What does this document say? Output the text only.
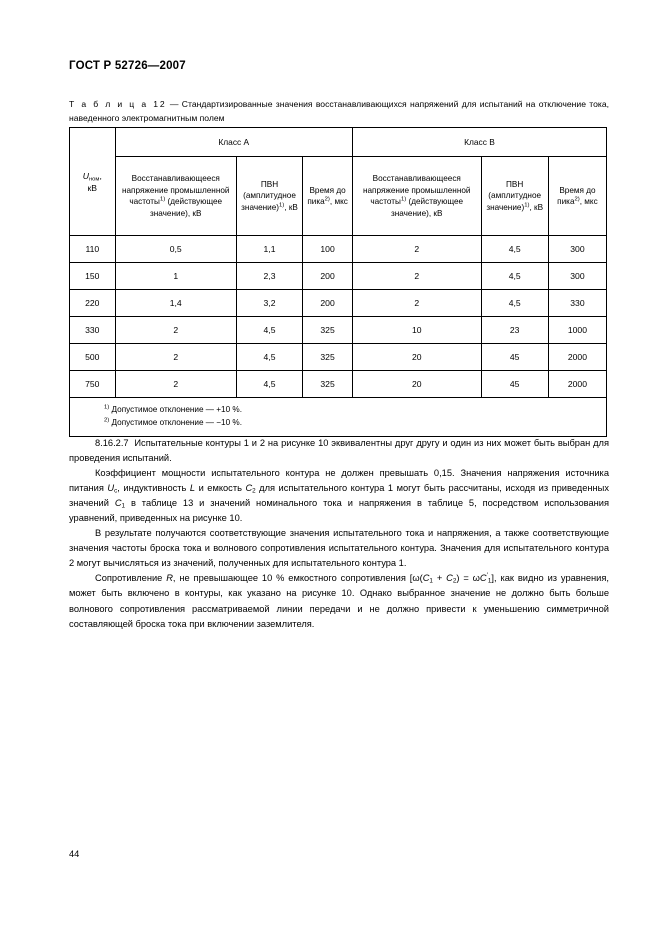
ГОСТ Р 52726—2007
Т а б л и ц а 12 — Стандартизированные значения восстанавливающихся напряжений для испытаний на отключение тока, наведенного электромагнитным полем
$U_{ном}$,
кВ	Класс А			Класс В		
	Восстанавливающееся напряжение промышленной частоты$^{1)}$ (действующее значение), кВ	ПВН (амплитудное значение)$^{1)}$, кВ	Время до пика$^{2)}$, мкс	Восстанавливающееся напряжение промышленной частоты$^{1)}$ (действующее значение), кВ	ПВН (амплитудное значение)$^{1)}$, кВ	Время до пика$^{2)}$, мкс
110	0,5	1,1	100	2	4,5	300
150	1	2,3	200	2	4,5	300
220	1,4	3,2	200	2	4,5	330
330	2	4,5	325	10	23	1000
500	2	4,5	325	20	45	2000
750	2	4,5	325	20	45	2000

$^{1)}$ Допустимое отклонение — +10 %.
$^{2)}$ Допустимое отклонение — −10 %.						

8.16.2.7 Испытательные контуры 1 и 2 на рисунке 10 эквивалентны друг другу и один из них может быть выбран для проведения испытаний.

Коэффициент мощности испытательного контура не должен превышать 0,15. Значения напряжения источника питания $U_c$, индуктивность L и емкость $C_2$ для испытательного контура 1 могут быть рассчитаны, исходя из приведенных значений $C_1$ в таблице 13 и значений номинального тока и напряжения в таблице 5, посредством использования уравнений, приведенных на рисунке 10.

В результате получаются соответствующие значения испытательного тока и напряжения, а также соответствующие значения частоты броска тока и волнового сопротивления испытательного контура. Значения для испытательного контура 2 могут вычисляться из значений, полученных для испытательного контура 1.

Сопротивление R, не превышающее 10 % емкостного сопротивления $[\omega(C_1 + C_2) = \omega C'_1]$, как видно из уравнения, может быть включено в контуры, как указано на рисунке 10. Однако выбранное значение не должно быть больше волнового сопротивления рассматриваемой линии передачи и не должно привести к уменьшению симметричной составляющей броска тока при включении заземлителя.

44
